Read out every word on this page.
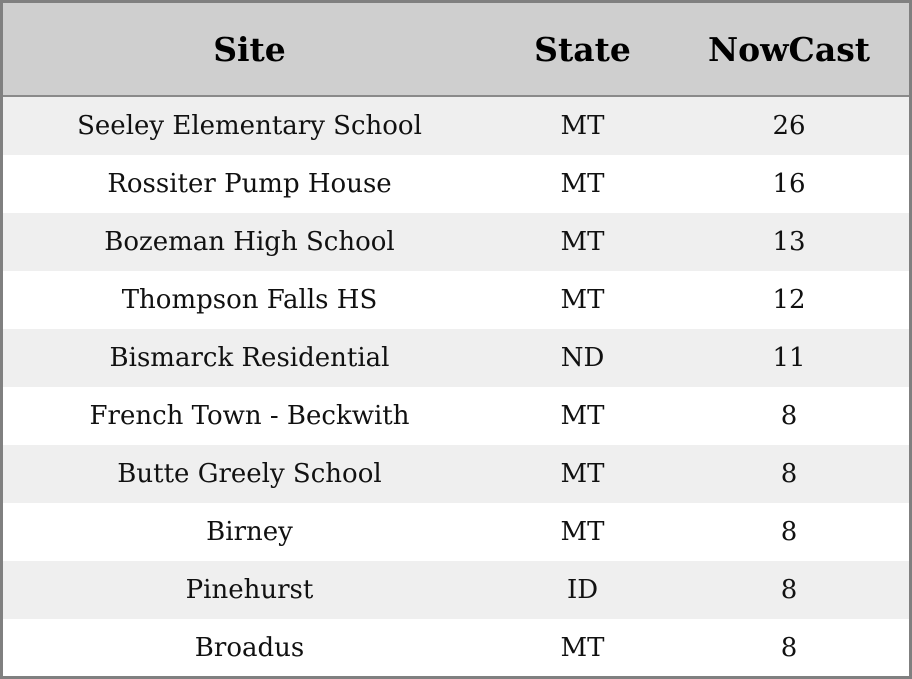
Site	State	NowCast
Seeley Elementary School	MT	26
Rossiter Pump House	MT	16
Bozeman High School	MT	13
Thompson Falls HS	MT	12
Bismarck Residential	ND	11
French Town - Beckwith	MT	8
Butte Greely School	MT	8
Birney	MT	8
Pinehurst	ID	8
Broadus	MT	8
